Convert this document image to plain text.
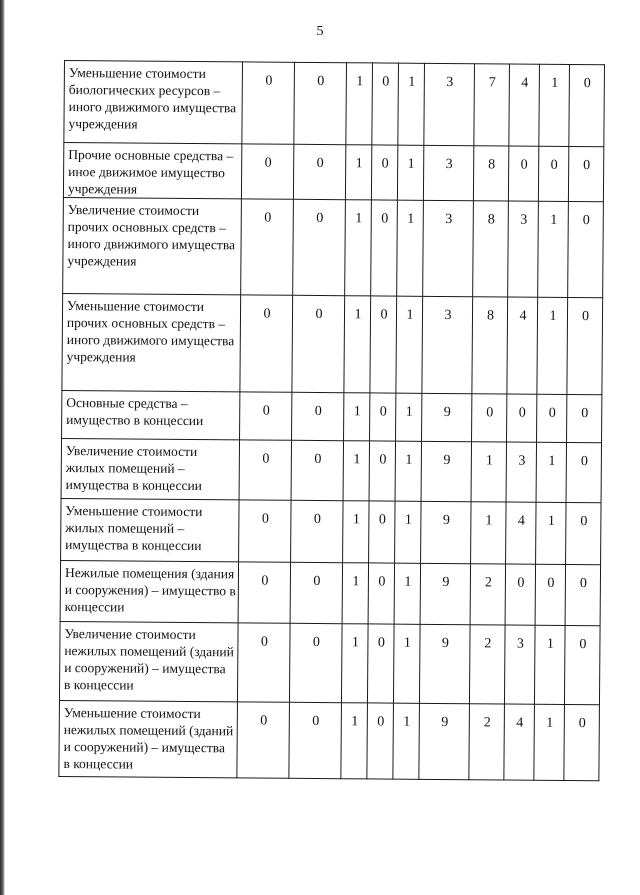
5
Уменьшение стоимости биологических ресурсов – иного движимого имущества учреждения	0	0	1	0	1	3	7	4	1	0
Прочие основные средства – иное движимое имущество учреждения	0	0	1	0	1	3	8	0	0	0
Увеличение стоимости прочих основных средств – иного движимого имущества учреждения	0	0	1	0	1	3	8	3	1	0
Уменьшение стоимости прочих основных средств – иного движимого имущества учреждения	0	0	1	0	1	3	8	4	1	0
Основные средства – имущество в концессии	0	0	1	0	1	9	0	0	0	0
Увеличение стоимости жилых помещений – имущества в концессии	0	0	1	0	1	9	1	3	1	0
Уменьшение стоимости жилых помещений – имущества в концессии	0	0	1	0	1	9	1	4	1	0
Нежилые помещения (здания и сооружения) – имущество в концессии	0	0	1	0	1	9	2	0	0	0
Увеличение стоимости нежилых помещений (зданий и сооружений) – имущества в концессии	0	0	1	0	1	9	2	3	1	0
Уменьшение стоимости нежилых помещений (зданий и сооружений) – имущества в концессии	0	0	1	0	1	9	2	4	1	0
